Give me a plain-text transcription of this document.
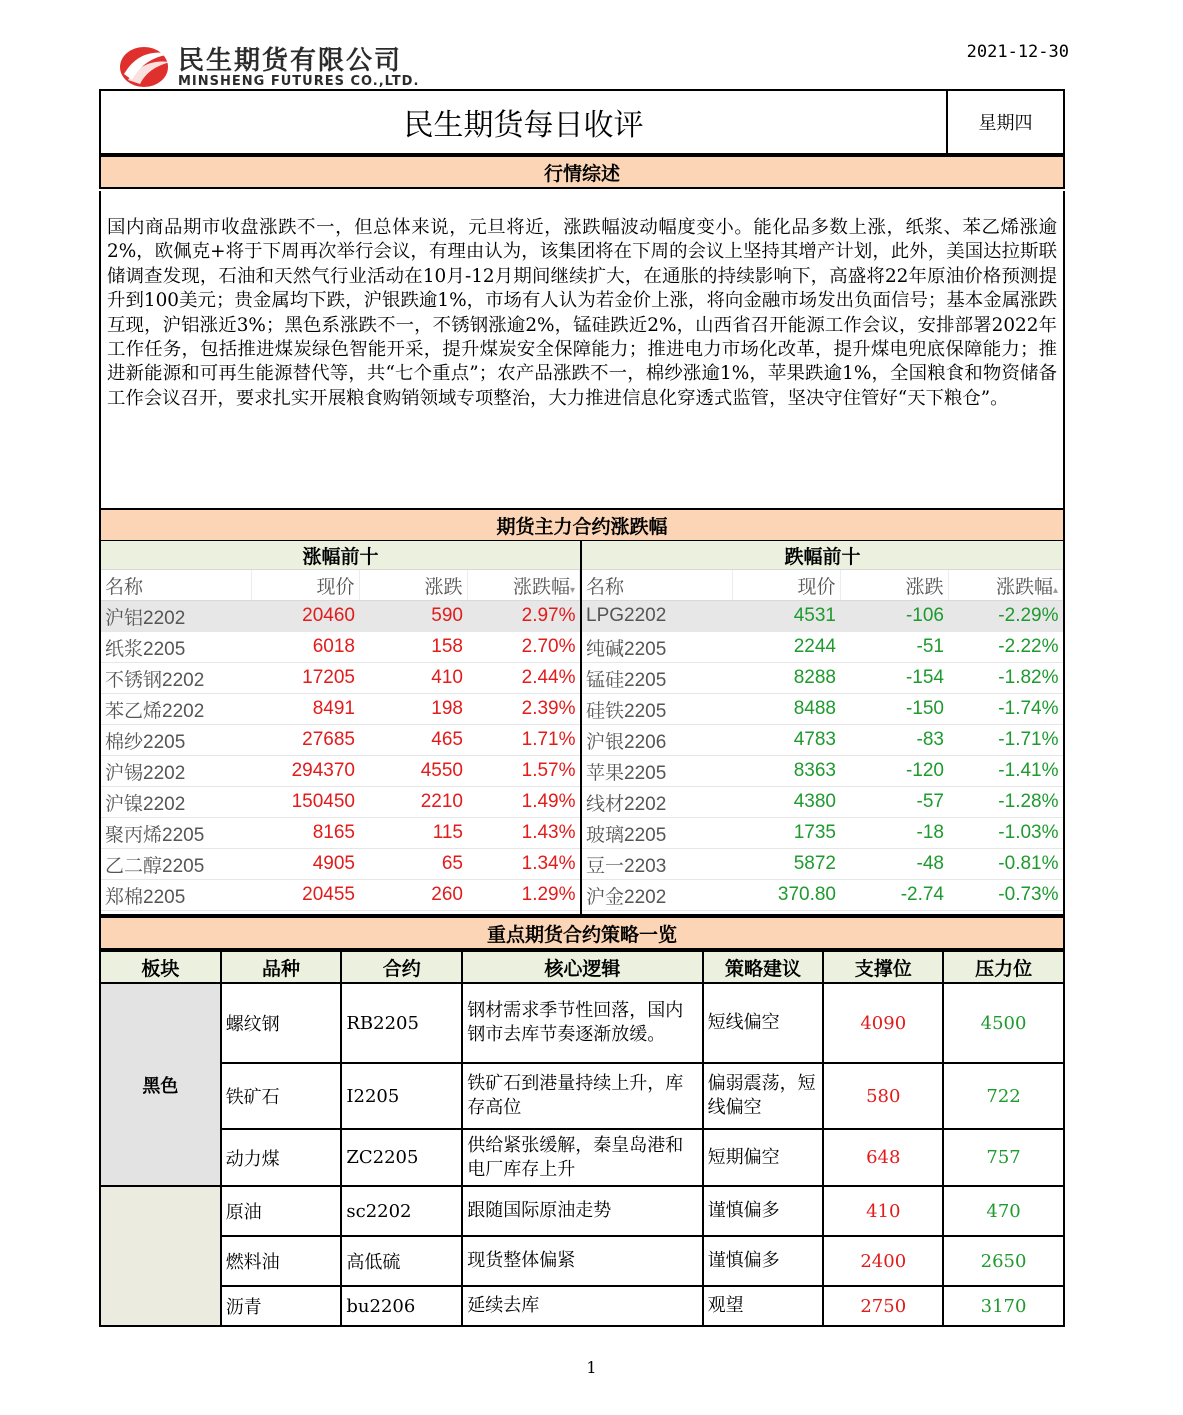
民生期货有限公司
MINSHENG FUTURES CO.,LTD.
2021-12-30
民生期货每日收评	星期四
行情综述
国内商品期市收盘涨跌不一，但总体来说，元旦将近，涨跌幅波动幅度变小。能化品多数上涨，纸浆、苯乙烯涨逾2%，欧佩克+将于下周再次举行会议，有理由认为，该集团将在下周的会议上坚持其增产计划，此外，美国达拉斯联储调查发现，石油和天然气行业活动在10月-12月期间继续扩大，在通胀的持续影响下，高盛将22年原油价格预测提升到100美元；贵金属均下跌，沪银跌逾1%，市场有人认为若金价上涨，将向金融市场发出负面信号；基本金属涨跌互现，沪铝涨近3%；黑色系涨跌不一，不锈钢涨逾2%，锰硅跌近2%，山西省召开能源工作会议，安排部署2022年工作任务，包括推进煤炭绿色智能开采，提升煤炭安全保障能力；推进电力市场化改革，提升煤电兜底保障能力；推进新能源和可再生能源替代等，共“七个重点”；农产品涨跌不一，棉纱涨逾1%，苹果跌逾1%，全国粮食和物资储备工作会议召开，要求扎实开展粮食购销领域专项整治，大力推进信息化穿透式监管，坚决守住管好“天下粮仓”。
期货主力合约涨跌幅
涨幅前十
名称	现价	涨跌	涨跌幅▾
沪铝2202	20460	590	2.97%
纸浆2205	6018	158	2.70%
不锈钢2202	17205	410	2.44%
苯乙烯2202	8491	198	2.39%
棉纱2205	27685	465	1.71%
沪锡2202	294370	4550	1.57%
沪镍2202	150450	2210	1.49%
聚丙烯2205	8165	115	1.43%
乙二醇2205	4905	65	1.34%
郑棉2205	20455	260	1.29%
跌幅前十
名称	现价	涨跌	涨跌幅▴
LPG2202	4531	-106	-2.29%
纯碱2205	2244	-51	-2.22%
锰硅2205	8288	-154	-1.82%
硅铁2205	8488	-150	-1.74%
沪银2206	4783	-83	-1.71%
苹果2205	8363	-120	-1.41%
线材2202	4380	-57	-1.28%
玻璃2205	1735	-18	-1.03%
豆一2203	5872	-48	-0.81%
沪金2202	370.80	-2.74	-0.73%
重点期货合约策略一览
板块	品种	合约	核心逻辑	策略建议	支撑位	压力位
黑色	螺纹钢	RB2205	钢材需求季节性回落，国内钢市去库节奏逐渐放缓。	短线偏空	4090	4500
	铁矿石	I2205	铁矿石到港量持续上升，库存高位	偏弱震荡，短线偏空	580	722
	动力煤	ZC2205	供给紧张缓解，秦皇岛港和电厂库存上升	短期偏空	648	757
	原油	sc2202	跟随国际原油走势	谨慎偏多	410	470
	燃料油	高低硫	现货整体偏紧	谨慎偏多	2400	2650
	沥青	bu2206	延续去库	观望	2750	3170
1
